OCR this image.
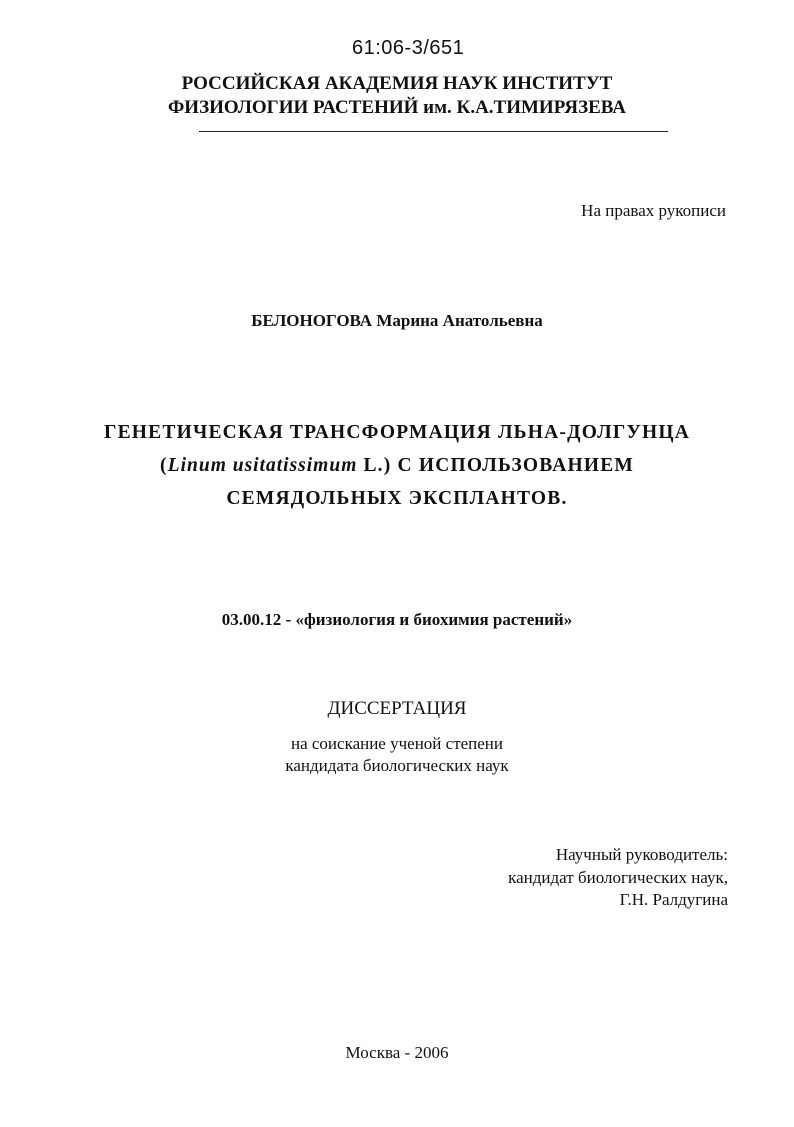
61:06-3/651
РОССИЙСКАЯ АКАДЕМИЯ НАУК ИНСТИТУТ
ФИЗИОЛОГИИ РАСТЕНИЙ им. К.А.ТИМИРЯЗЕВА
На правах рукописи
БЕЛОНОГОВА Марина Анатольевна
ГЕНЕТИЧЕСКАЯ ТРАНСФОРМАЦИЯ ЛЬНА-ДОЛГУНЦА
(Linum usitatissimum L.) С ИСПОЛЬЗОВАНИЕМ
СЕМЯДОЛЬНЫХ ЭКСПЛАНТОВ.
03.00.12 - «физиология и биохимия растений»
ДИССЕРТАЦИЯ
на соискание ученой степени
кандидата биологических наук
Научный руководитель:
кандидат биологических наук,
Г.Н. Ралдугина
Москва - 2006
